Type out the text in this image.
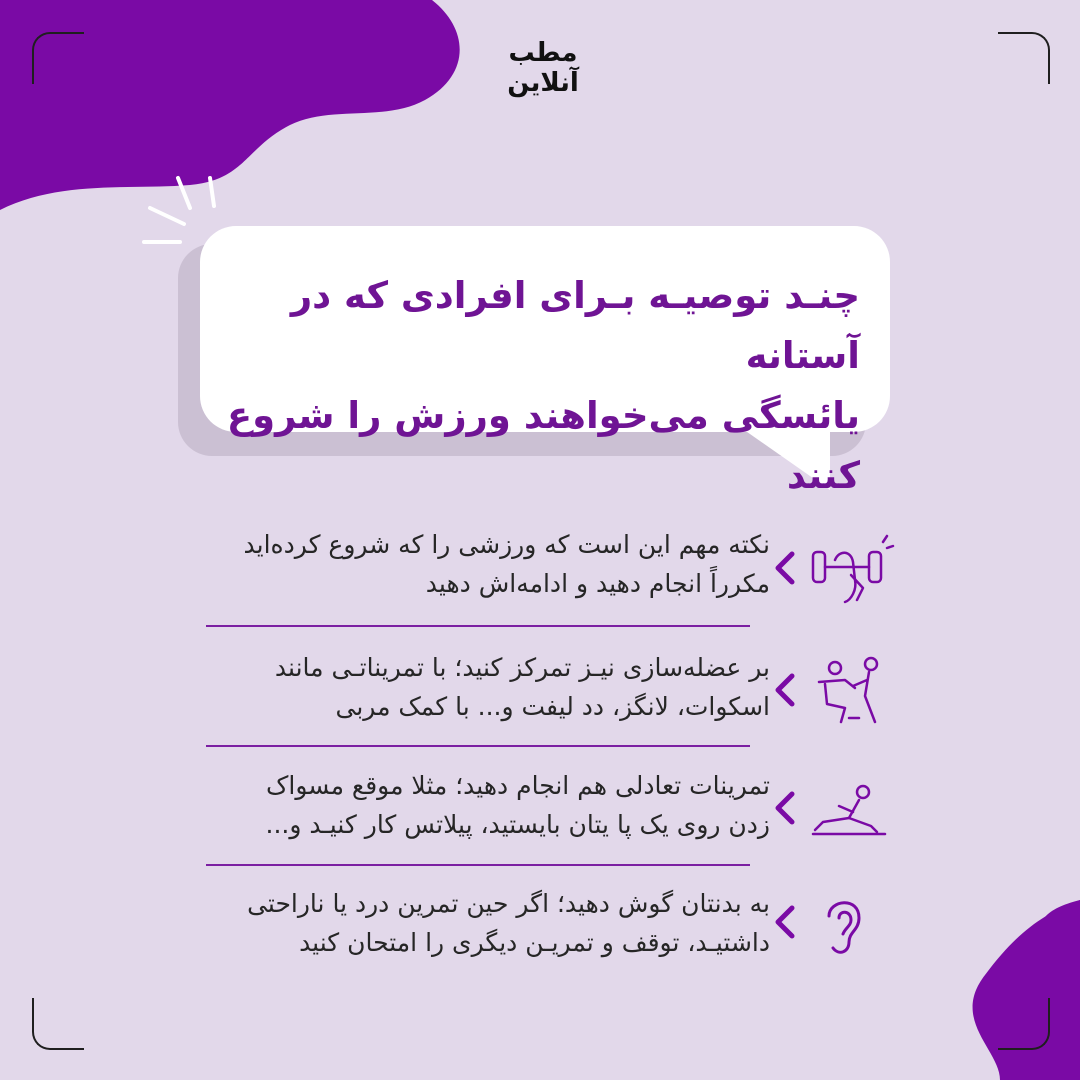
مطب
آنلاین
چنـد توصیـه بـرای افرادی که در آستانه
یائسگی می‌خواهند ورزش را شروع کنند
نکته مهم این است که ورزشی را که شروع کرده‌اید
مکرراً انجام دهید و ادامه‌اش دهید
بر عضله‌سازی نیـز تمرکز کنید؛ با تمریناتـی مانند
اسکوات، لانگز، دد لیفت و... با کمک مربی
تمرینات تعادلی هم انجام دهید؛ مثلا موقع مسواک
زدن روی یک پا یتان بایستید، پیلاتس کار کنیـد و...
به بدنتان گوش دهید؛ اگر حین تمرین درد یا ناراحتی
داشتیـد، توقف و تمریـن دیگری را امتحان کنید
